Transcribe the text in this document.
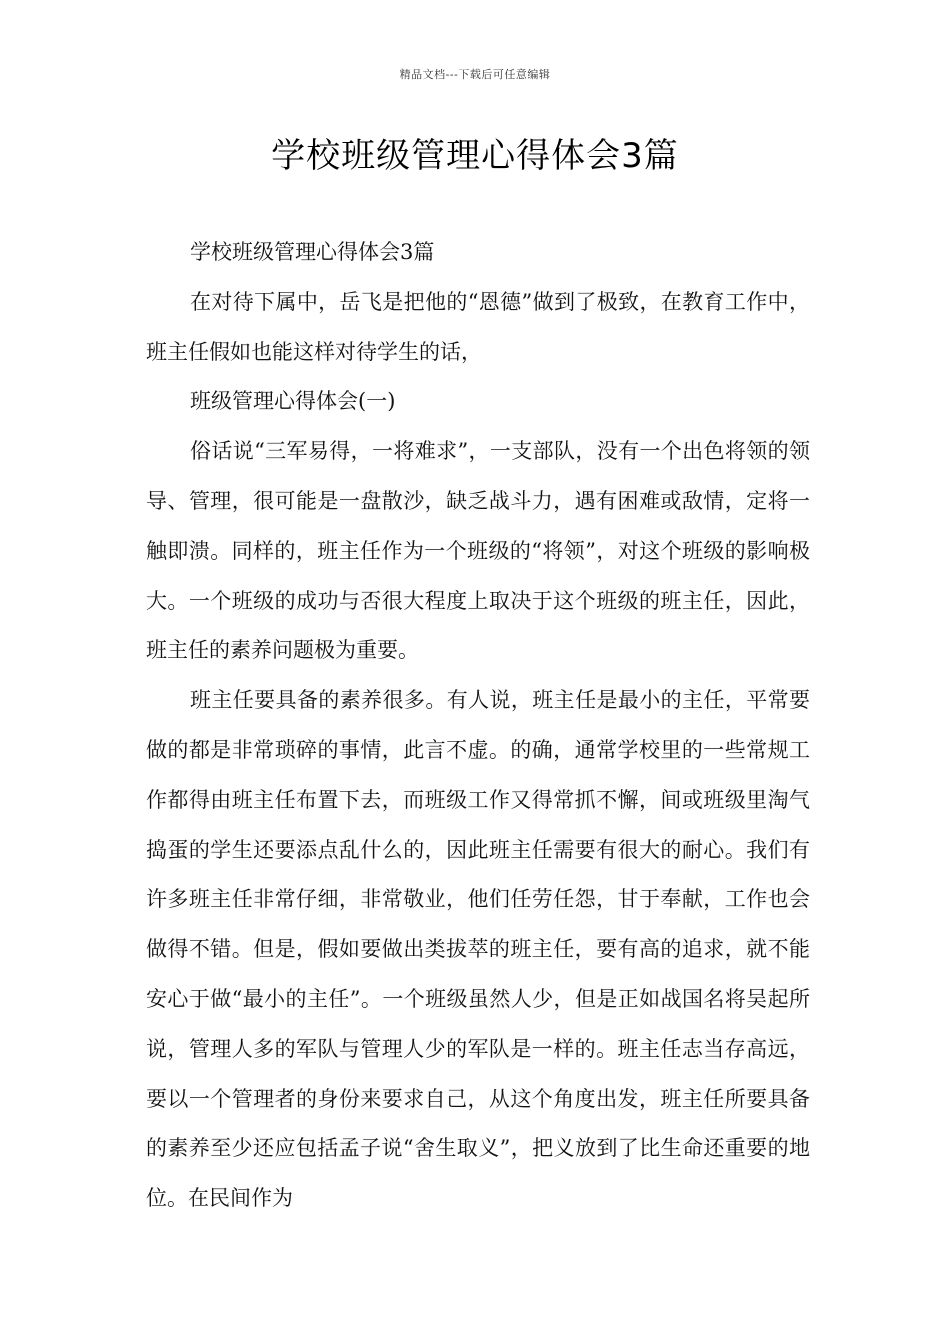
精品文档---下载后可任意编辑
学校班级管理心得体会3篇

学校班级管理心得体会3篇

在对待下属中，岳飞是把他的“恩德”做到了极致，在教育工作中，班主任假如也能这样对待学生的话，

班级管理心得体会(一)

俗话说“三军易得，一将难求”，一支部队，没有一个出色将领的领导、管理，很可能是一盘散沙，缺乏战斗力，遇有困难或敌情，定将一触即溃。同样的，班主任作为一个班级的“将领”，对这个班级的影响极大。一个班级的成功与否很大程度上取决于这个班级的班主任，因此，班主任的素养问题极为重要。

班主任要具备的素养很多。有人说，班主任是最小的主任，平常要做的都是非常琐碎的事情，此言不虚。的确，通常学校里的一些常规工作都得由班主任布置下去，而班级工作又得常抓不懈，间或班级里淘气捣蛋的学生还要添点乱什么的，因此班主任需要有很大的耐心。我们有许多班主任非常仔细，非常敬业，他们任劳任怨，甘于奉献，工作也会做得不错。但是，假如要做出类拔萃的班主任，要有高的追求，就不能安心于做“最小的主任”。一个班级虽然人少，但是正如战国名将吴起所说，管理人多的军队与管理人少的军队是一样的。班主任志当存高远，要以一个管理者的身份来要求自己，从这个角度出发，班主任所要具备的素养至少还应包括孟子说“舍生取义”，把义放到了比生命还重要的地位。在民间作为
